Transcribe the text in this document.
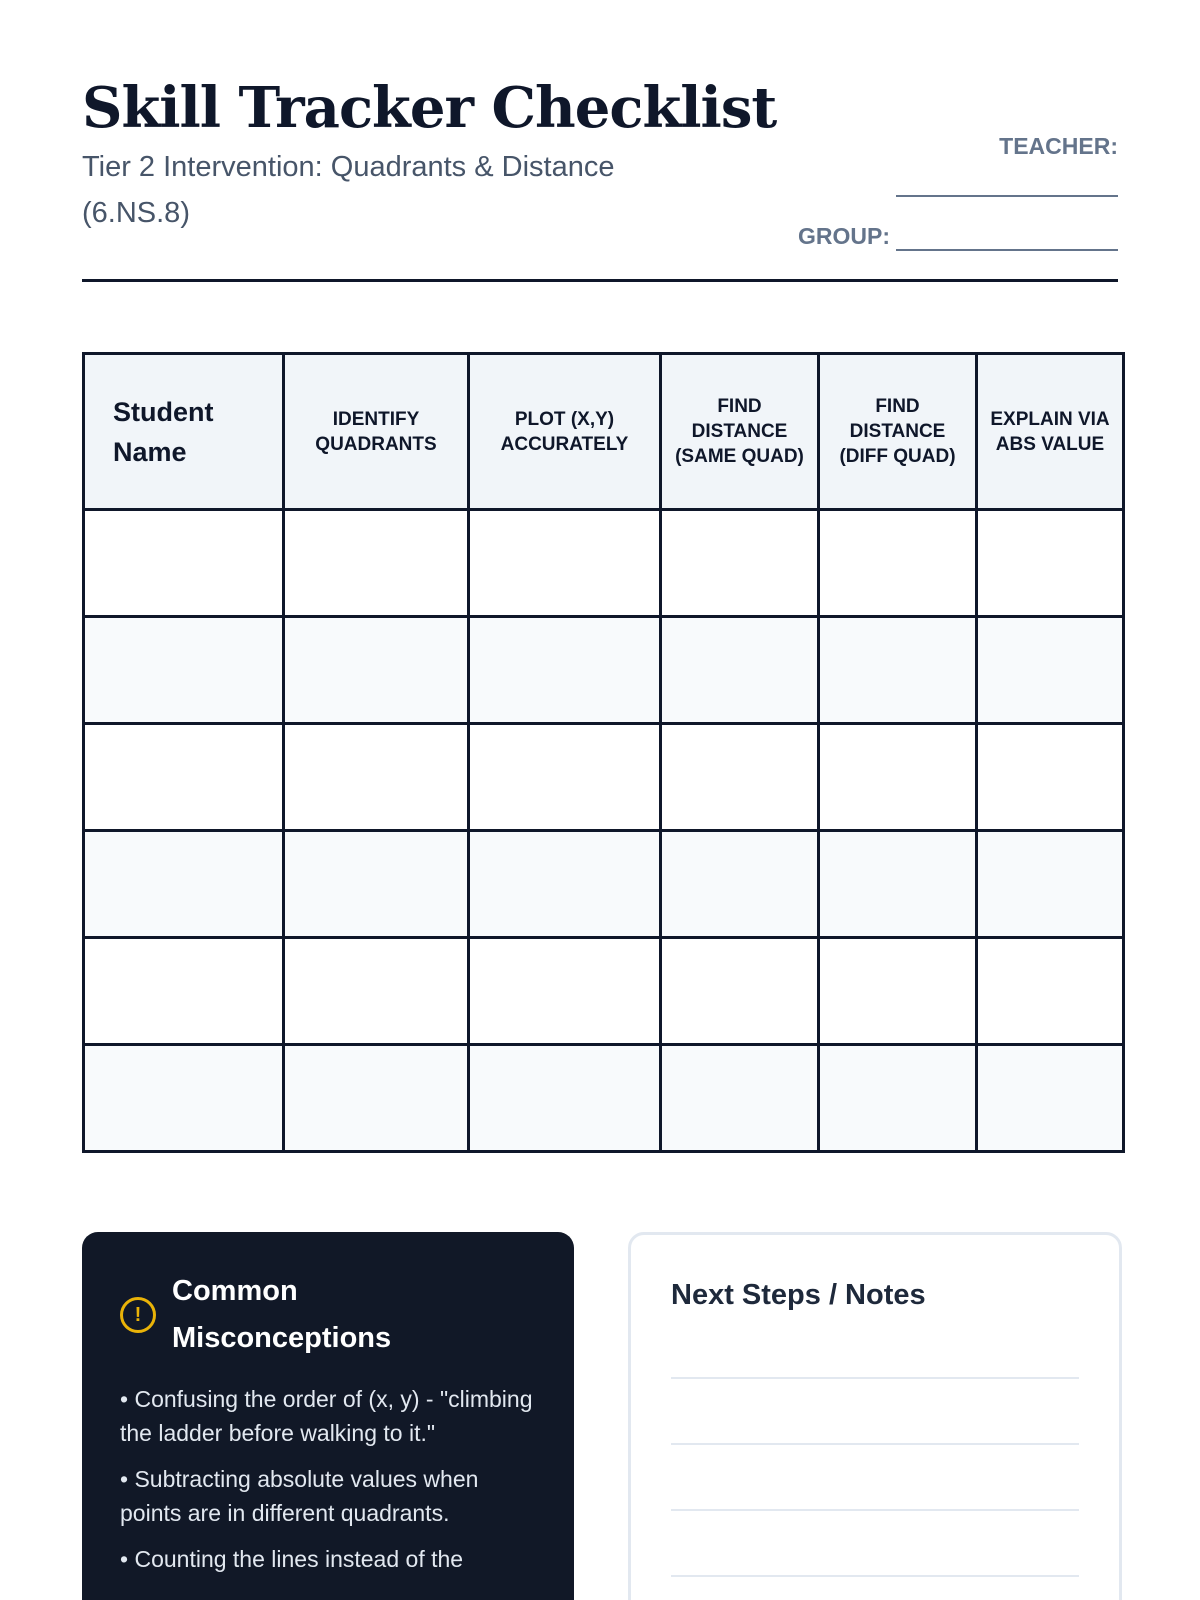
Skill Tracker Checklist
Tier 2 Intervention: Quadrants & Distance (6.NS.8)
TEACHER:
GROUP:
Student Name	IDENTIFY QUADRANTS	PLOT (X,Y) ACCURATELY	FIND DISTANCE (SAME QUAD)	FIND DISTANCE (DIFF QUAD)	EXPLAIN VIA ABS VALUE

!
Common Misconceptions
• Confusing the order of (x, y) - "climbing the ladder before walking to it."
• Subtracting absolute values when points are in different quadrants.
• Counting the lines instead of the
Next Steps / Notes
